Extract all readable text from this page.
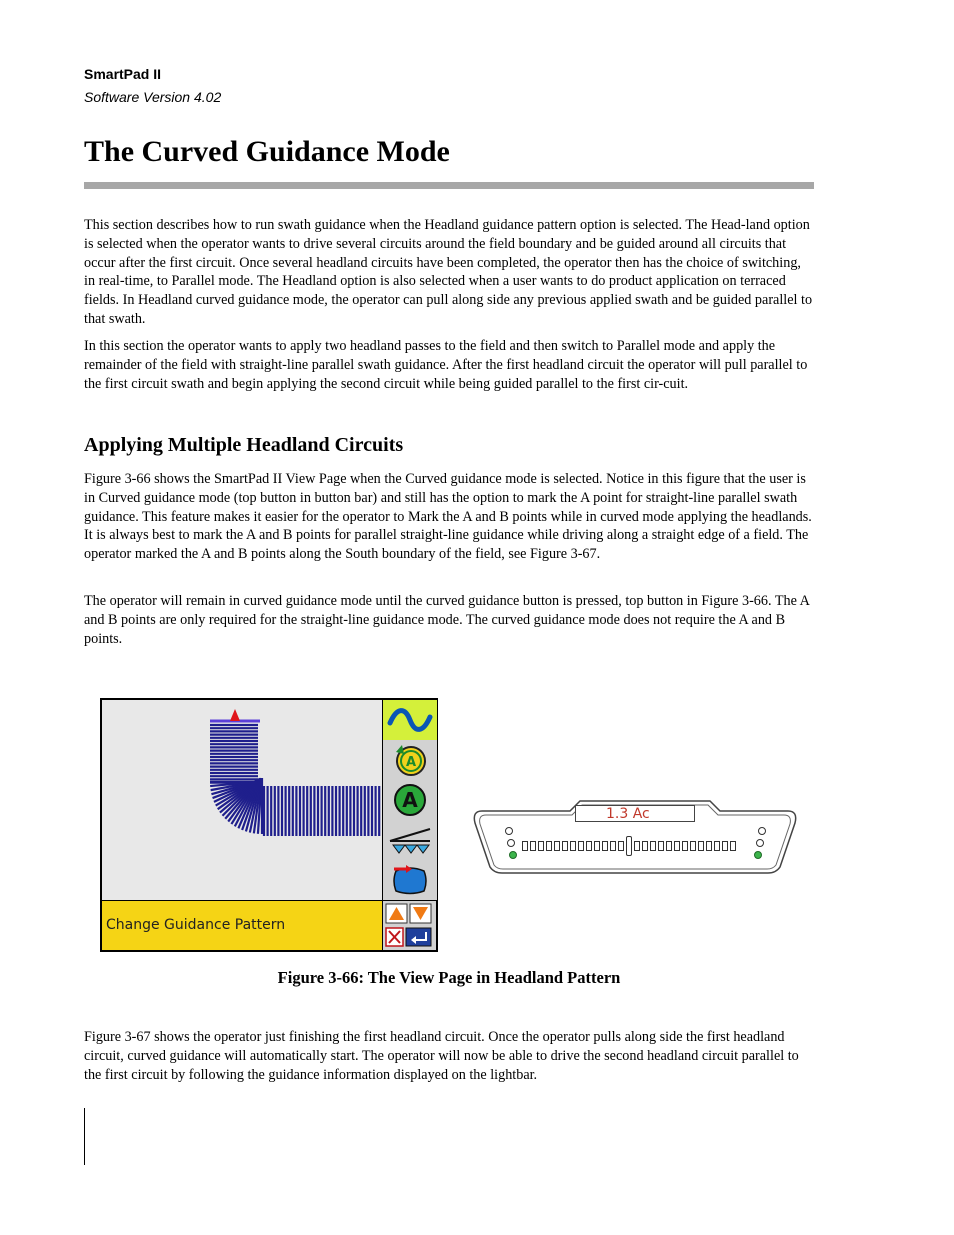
SmartPad II
Software Version 4.02
The Curved Guidance Mode

This section describes how to run swath guidance when the Headland guidance pattern option is selected. The Head-land option is selected when the operator wants to drive several circuits around the field boundary and be guided around all circuits that occur after the first circuit. Once several headland circuits have been completed, the operator then has the choice of switching, in real-time, to Parallel mode. The Headland option is also selected when a user wants to do product application on terraced fields. In Headland curved guidance mode, the operator can pull along side any previous applied swath and be guided parallel to that swath.

In this section the operator wants to apply two headland passes to the field and then switch to Parallel mode and apply the remainder of the field with straight-line parallel swath guidance. After the first headland circuit the operator will pull parallel to the first circuit swath and begin applying the second circuit while being guided parallel to the first cir-cuit.

Applying Multiple Headland Circuits

Figure 3-66 shows the SmartPad II View Page when the Curved guidance mode is selected. Notice in this figure that the user is in Curved guidance mode (top button in button bar) and still has the option to mark the A point for straight-line parallel swath guidance. This feature makes it easier for the operator to Mark the A and B points while in curved mode applying the headlands. It is always best to mark the A and B points for parallel straight-line guidance while driving along a straight edge of a field. The operator marked the A and B points along the South boundary of the field, see Figure 3-67.

The operator will remain in curved guidance mode until the curved guidance button is pressed, top button in Figure 3-66. The A and B points are only required for the straight-line guidance mode. The curved guidance mode does not require the A and B points.

A
A
Change Guidance Pattern
1.3 Ac
Figure 3-66: The View Page in Headland Pattern

Figure 3-67 shows the operator just finishing the first headland circuit. Once the operator pulls along side the first headland circuit, curved guidance will automatically start. The operator will now be able to drive the second headland circuit parallel to the first circuit by following the guidance information displayed on the lightbar.
